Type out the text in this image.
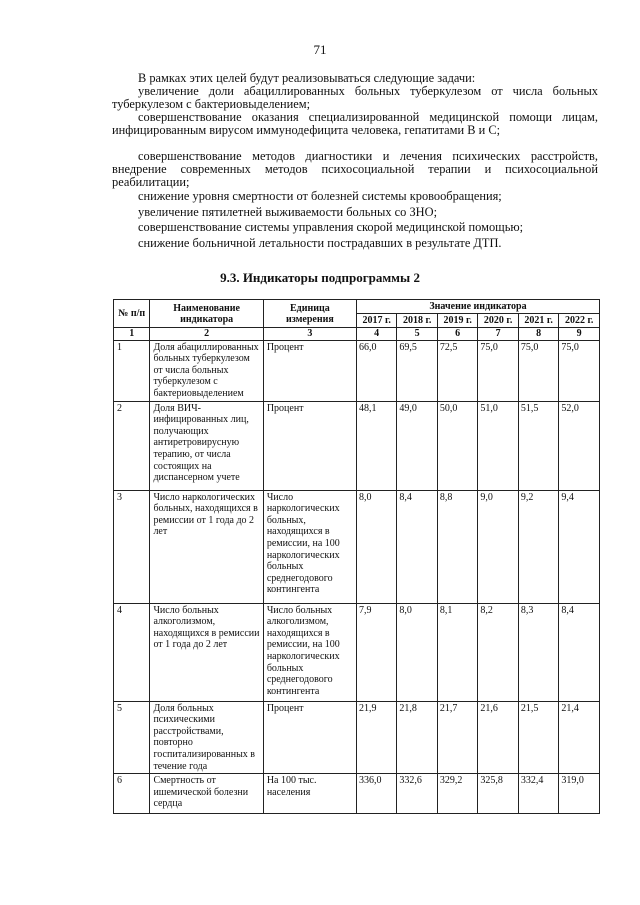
71
В рамках этих целей будут реализовываться следующие задачи:
увеличение доли абациллированных больных туберкулезом от числа больных туберкулезом с бактериовыделением;
совершенствование оказания специализированной медицинской помощи лицам, инфицированным вирусом иммунодефицита человека, гепатитами В и С;
совершенствование методов диагностики и лечения психических расстройств, внедрение современных методов психосоциальной терапии и психосоциальной реабилитации;
снижение уровня смертности от болезней системы кровообращения;
увеличение пятилетней выживаемости больных со ЗНО;
совершенствование системы управления скорой медицинской помощью;
снижение больничной летальности пострадавших в результате ДТП.
9.3. Индикаторы подпрограммы 2
№ п/п	Наименование индикатора	Единица измерения	Значение индикатора					
			2017 г.	2018 г.	2019 г.	2020 г.	2021 г.	2022 г.
1	2	3	4	5	6	7	8	9
1	Доля абациллированных больных туберкулезом от числа больных туберкулезом с бактериовыделением	Процент	66,0	69,5	72,5	75,0	75,0	75,0
2	Доля ВИЧ-инфицированных лиц, получающих антиретровирусную терапию, от числа состоящих на диспансерном учете	Процент	48,1	49,0	50,0	51,0	51,5	52,0
3	Число наркологических больных, находящихся в ремиссии от 1 года до 2 лет	Число наркологических больных, находящихся в ремиссии, на 100 наркологических больных среднегодового контингента	8,0	8,4	8,8	9,0	9,2	9,4
4	Число больных алкоголизмом, находящихся в ремиссии от 1 года до 2 лет	Число больных алкоголизмом, находящихся в ремиссии, на 100 наркологических больных среднегодового контингента	7,9	8,0	8,1	8,2	8,3	8,4
5	Доля больных психическими расстройствами, повторно госпитализированных в течение года	Процент	21,9	21,8	21,7	21,6	21,5	21,4
6	Смертность от ишемической болезни сердца	На 100 тыс. населения	336,0	332,6	329,2	325,8	332,4	319,0
